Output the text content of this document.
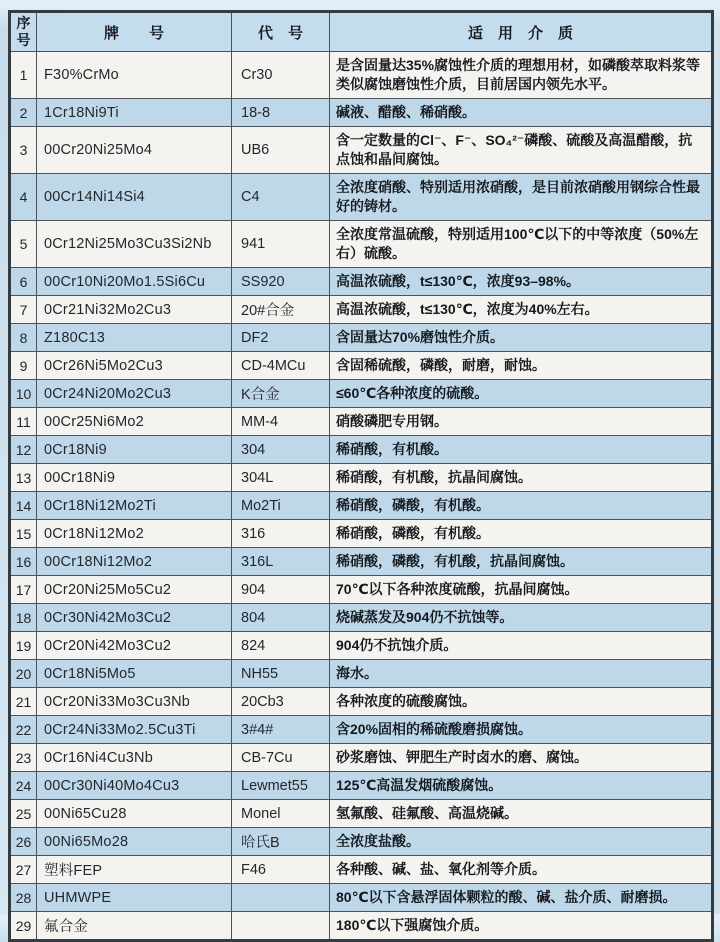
序号	牌　　号	代　号	适　用　介　质
1	F30%CrMo	Cr30	是含固量达35%腐蚀性介质的理想用材，如磷酸萃取料浆等类似腐蚀磨蚀性介质，目前居国内领先水平。
2	1Cr18Ni9Ti	18-8	碱液、醋酸、稀硝酸。
3	00Cr20Ni25Mo4	UB6	含一定数量的Cl⁻、F⁻、SO₄²⁻磷酸、硫酸及高温醋酸，抗点蚀和晶间腐蚀。
4	00Cr14Ni14Si4	C4	全浓度硝酸、特别适用浓硝酸，是目前浓硝酸用钢综合性最好的铸材。
5	0Cr12Ni25Mo3Cu3Si2Nb	941	全浓度常温硫酸，特别适用100℃以下的中等浓度（50%左右）硫酸。
6	00Cr10Ni20Mo1.5Si6Cu	SS920	高温浓硫酸，t≤130℃，浓度93–98%。
7	0Cr21Ni32Mo2Cu3	20#合金	高温浓硫酸，t≤130℃，浓度为40%左右。
8	Z180C13	DF2	含固量达70%磨蚀性介质。
9	0Cr26Ni5Mo2Cu3	CD-4MCu	含固稀硫酸，磷酸，耐磨，耐蚀。
10	0Cr24Ni20Mo2Cu3	K合金	≤60℃各种浓度的硫酸。
11	00Cr25Ni6Mo2	MM-4	硝酸磷肥专用钢。
12	0Cr18Ni9	304	稀硝酸，有机酸。
13	00Cr18Ni9	304L	稀硝酸，有机酸，抗晶间腐蚀。
14	0Cr18Ni12Mo2Ti	Mo2Ti	稀硝酸，磷酸，有机酸。
15	0Cr18Ni12Mo2	316	稀硝酸，磷酸，有机酸。
16	00Cr18Ni12Mo2	316L	稀硝酸，磷酸，有机酸，抗晶间腐蚀。
17	0Cr20Ni25Mo5Cu2	904	70℃以下各种浓度硫酸，抗晶间腐蚀。
18	0Cr30Ni42Mo3Cu2	804	烧碱蒸发及904仍不抗蚀等。
19	0Cr20Ni42Mo3Cu2	824	904仍不抗蚀介质。
20	0Cr18Ni5Mo5	NH55	海水。
21	0Cr20Ni33Mo3Cu3Nb	20Cb3	各种浓度的硫酸腐蚀。
22	0Cr24Ni33Mo2.5Cu3Ti	3#4#	含20%固相的稀硫酸磨损腐蚀。
23	0Cr16Ni4Cu3Nb	CB-7Cu	砂浆磨蚀、钾肥生产时卤水的磨、腐蚀。
24	00Cr30Ni40Mo4Cu3	Lewmet55	125℃高温发烟硫酸腐蚀。
25	00Ni65Cu28	Monel	氢氟酸、硅氟酸、高温烧碱。
26	00Ni65Mo28	哈氏B	全浓度盐酸。
27	塑料FEP	F46	各种酸、碱、盐、氧化剂等介质。
28	UHMWPE		80℃以下含悬浮固体颗粒的酸、碱、盐介质、耐磨损。
29	氟合金		180℃以下强腐蚀介质。
